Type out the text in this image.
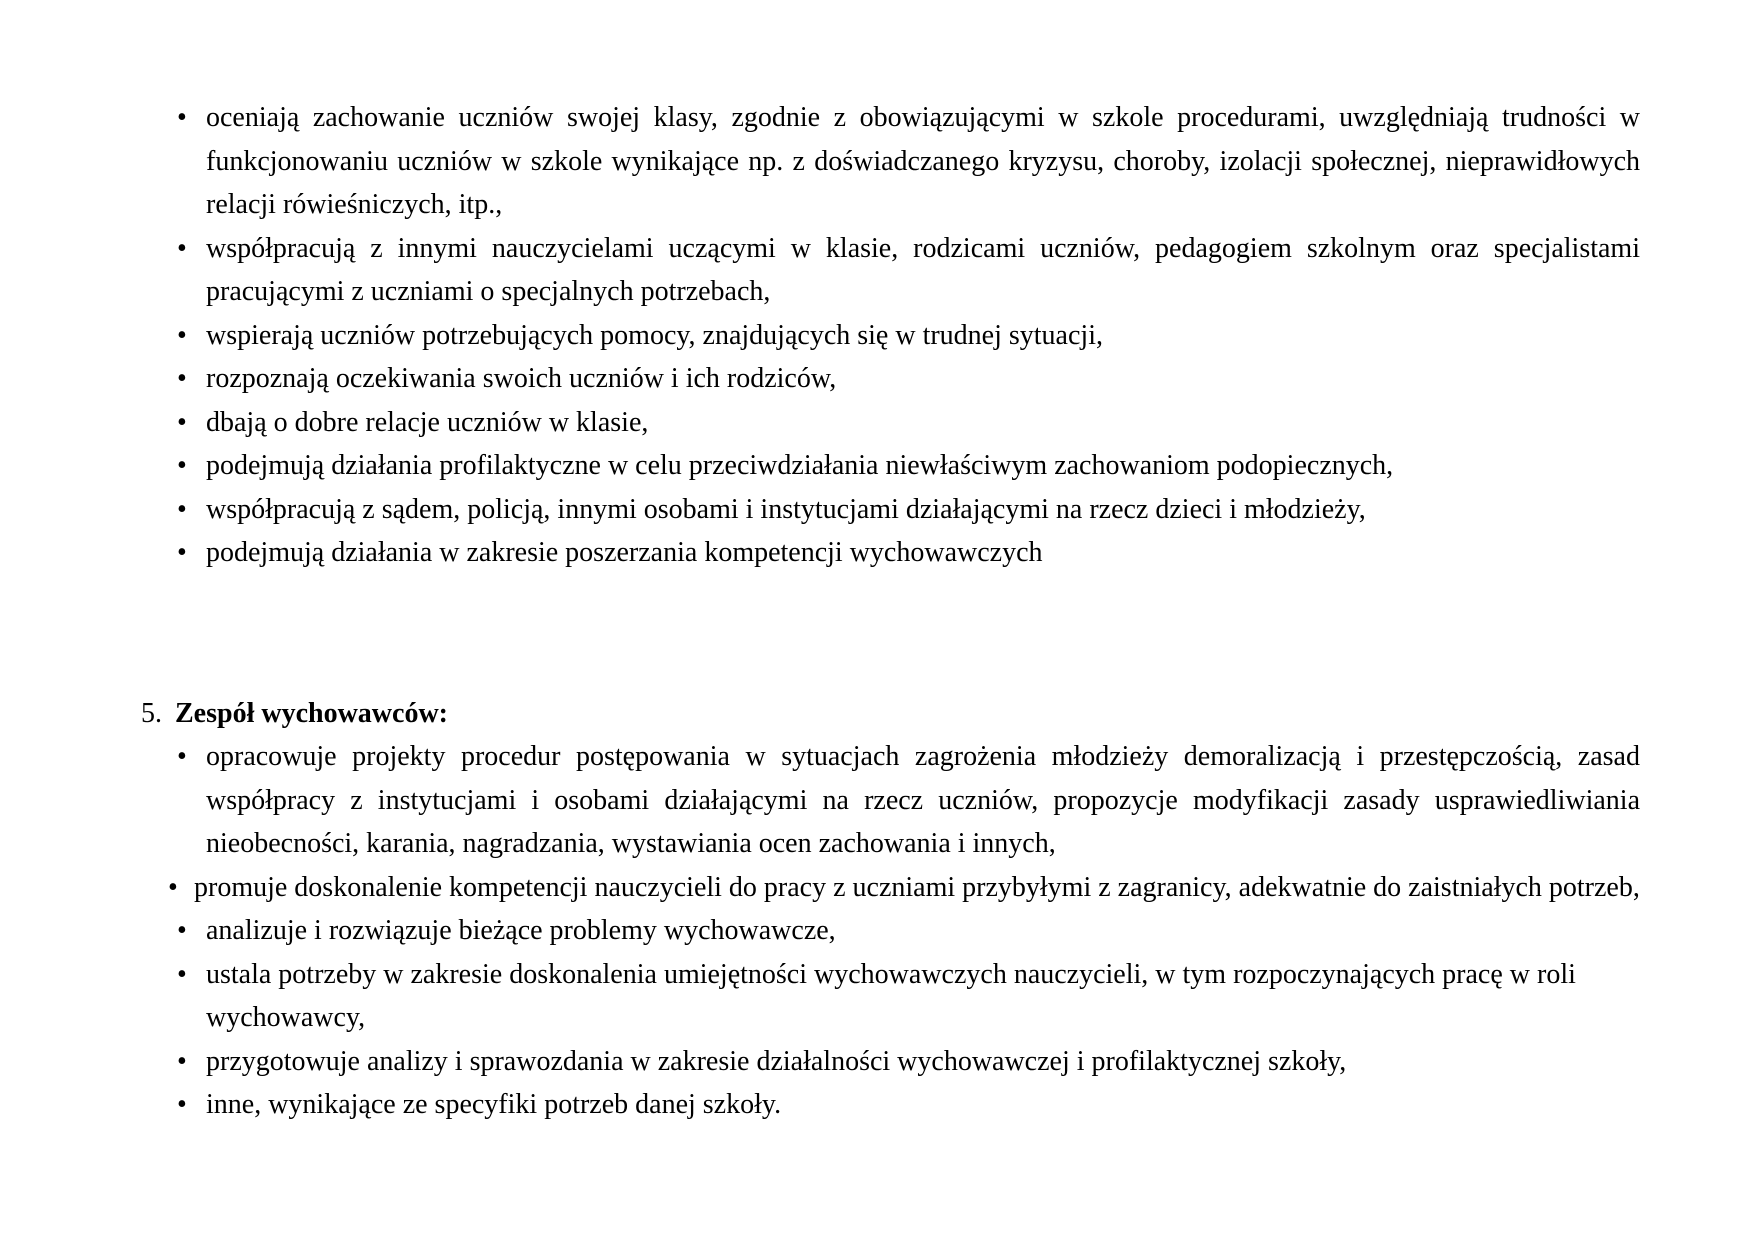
• oceniają zachowanie uczniów swojej klasy, zgodnie z obowiązującymi w szkole procedurami, uwzględniają trudności w funkcjonowaniu uczniów w szkole wynikające np. z doświadczanego kryzysu, choroby, izolacji społecznej, nieprawidłowych relacji rówieśniczych, itp.,
• współpracują z innymi nauczycielami uczącymi w klasie, rodzicami uczniów, pedagogiem szkolnym oraz specjalistami pracującymi z uczniami o specjalnych potrzebach,
• wspierają uczniów potrzebujących pomocy, znajdujących się w trudnej sytuacji,
• rozpoznają oczekiwania swoich uczniów i ich rodziców,
• dbają o dobre relacje uczniów w klasie,
• podejmują działania profilaktyczne w celu przeciwdziałania niewłaściwym zachowaniom podopiecznych,
• współpracują z sądem, policją, innymi osobami i instytucjami działającymi na rzecz dzieci i młodzieży,
• podejmują działania w zakresie poszerzania kompetencji wychowawczych
5. Zespół wychowawców:
• opracowuje projekty procedur postępowania w sytuacjach zagrożenia młodzieży demoralizacją i przestępczością, zasad współpracy z instytucjami i osobami działającymi na rzecz uczniów, propozycje modyfikacji zasady usprawiedliwiania nieobecności, karania, nagradzania, wystawiania ocen zachowania i innych,
• promuje doskonalenie kompetencji nauczycieli do pracy z uczniami przybyłymi z zagranicy, adekwatnie do zaistniałych potrzeb,
• analizuje i rozwiązuje bieżące problemy wychowawcze,
• ustala potrzeby w zakresie doskonalenia umiejętności wychowawczych nauczycieli, w tym rozpoczynających pracę w roli wychowawcy,
• przygotowuje analizy i sprawozdania w zakresie działalności wychowawczej i profilaktycznej szkoły,
• inne, wynikające ze specyfiki potrzeb danej szkoły.
